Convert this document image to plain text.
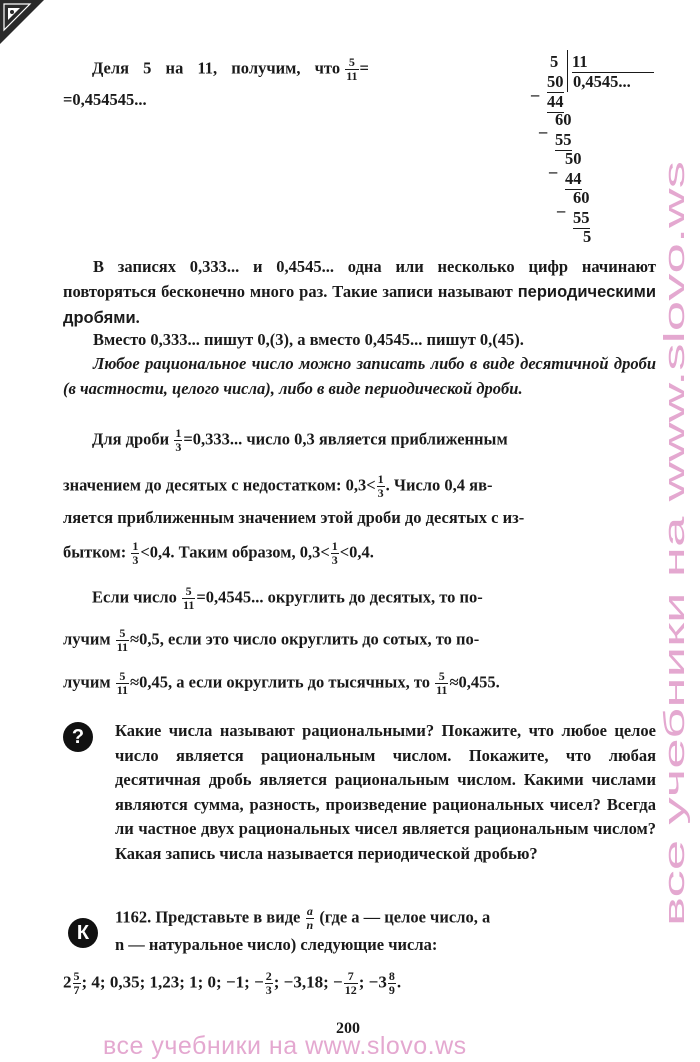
Деля 5 на 11, получим, что $\frac{5}{11}$ =
=0,454545...
5 11
0,4545...
50
– 44
60
– 55
50
– 44
60
– 55
5
В записях 0,333... и 0,4545... одна или несколько цифр начинают повторяться бесконечно много раз. Такие записи называют периодическими дробями.
Вместо 0,333... пишут 0,(3), а вместо 0,4545... пишут 0,(45).
Любое рациональное число можно записать либо в виде десятичной дроби (в частности, целого числа), либо в виде периодической дроби.
Для дроби $\frac{1}{3} =0,333$... число 0,3 является приближенным
значением до десятых с недостатком: $0,3< \frac{1}{3}$ . Число 0,4 яв-
ляется приближенным значением этой дроби до десятых с из-
бытком: $\frac{1}{3} <0,4$. Таким образом, $0,3< \frac{1}{3} <0,4$.
Если число $\frac{5}{11} =0,4545$... округлить до десятых, то по-
лучим $\frac{5}{11} \approx 0,5$, если это число округлить до сотых, то по-
лучим $\frac{5}{11} \approx 0,45$, а если округлить до тысячных, то $\frac{5}{11} \approx 0,455$.
?	Какие числа называют рациональными? Покажите, что любое целое число является рациональным числом. Покажите, что любая десятичная дробь является рациональным числом. Какими числами являются сумма, разность, произведение рациональных чисел? Всегда ли частное двух рациональных чисел является рациональным числом? Какая запись числа называется периодической дробью?
К
1162. Представьте в виде $\frac{a}{n} (где$ a — целое число, a
n — натуральное число) следующие числа:
$2 \frac{5}{7}$ ; 4; 0,35; 1,23; 1; 0; −1; − $\frac{2}{3}$ ; −3,18; − $\frac{7}{12}$ ; $-3 \frac{8}{9}$ .
200
все учебники на www.slovo.ws
все учебники на www.slovo.ws
